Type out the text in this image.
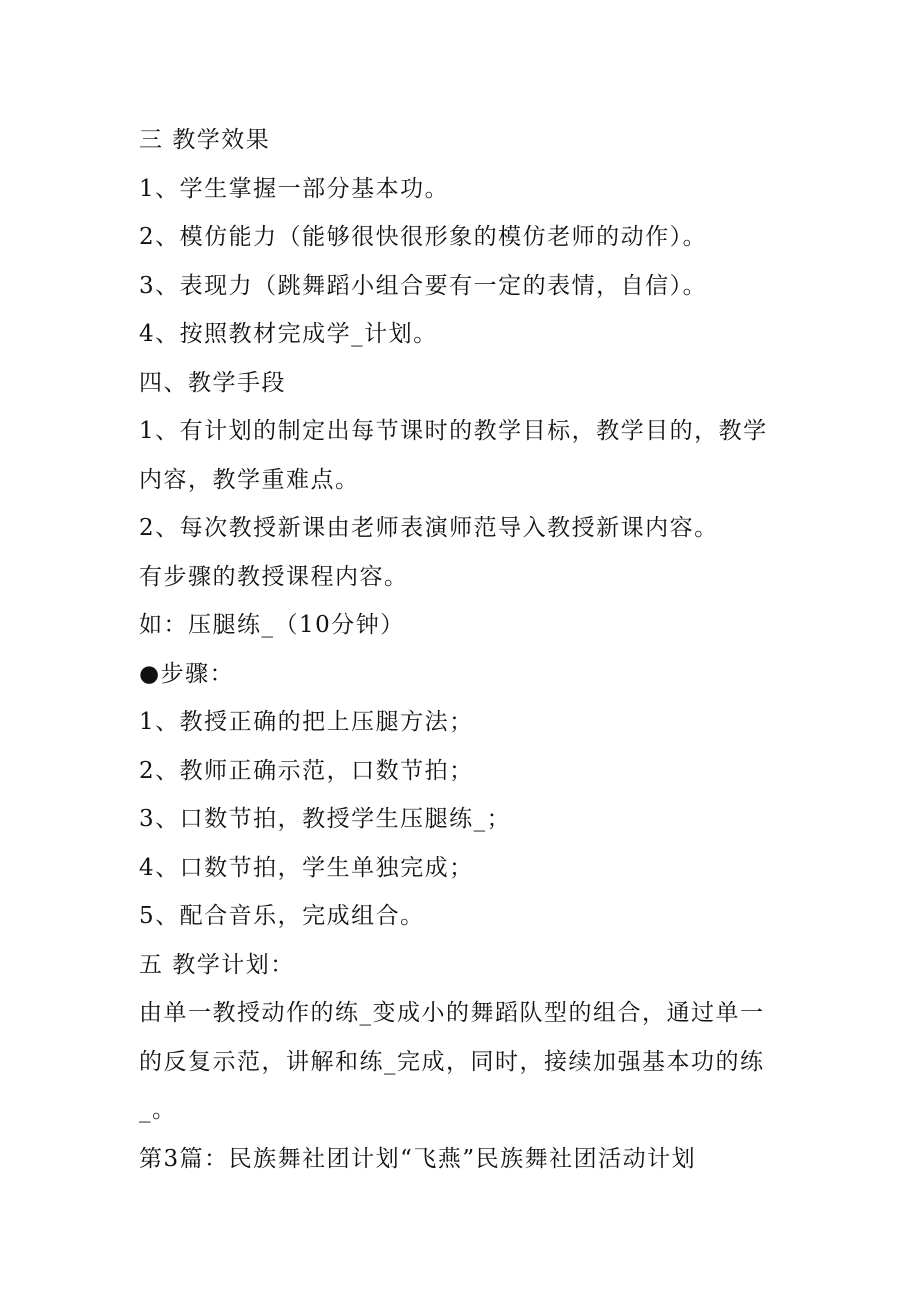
三 教学效果

1、学生掌握一部分基本功。

2、模仿能力（能够很快很形象的模仿老师的动作）。

3、表现力（跳舞蹈小组合要有一定的表情，自信）。

4、按照教材完成学_计划。

四、教学手段

1、有计划的制定出每节课时的教学目标，教学目的，教学

内容，教学重难点。

2、每次教授新课由老师表演师范导入教授新课内容。

有步骤的教授课程内容。

如：压腿练_（10分钟）

●步骤：

1、教授正确的把上压腿方法；

2、教师正确示范，口数节拍；

3、口数节拍，教授学生压腿练_；

4、口数节拍，学生单独完成；

5、配合音乐，完成组合。

五 教学计划：

由单一教授动作的练_变成小的舞蹈队型的组合，通过单一

的反复示范，讲解和练_完成，同时，接续加强基本功的练

_。

第3篇：民族舞社团计划“飞燕”民族舞社团活动计划
